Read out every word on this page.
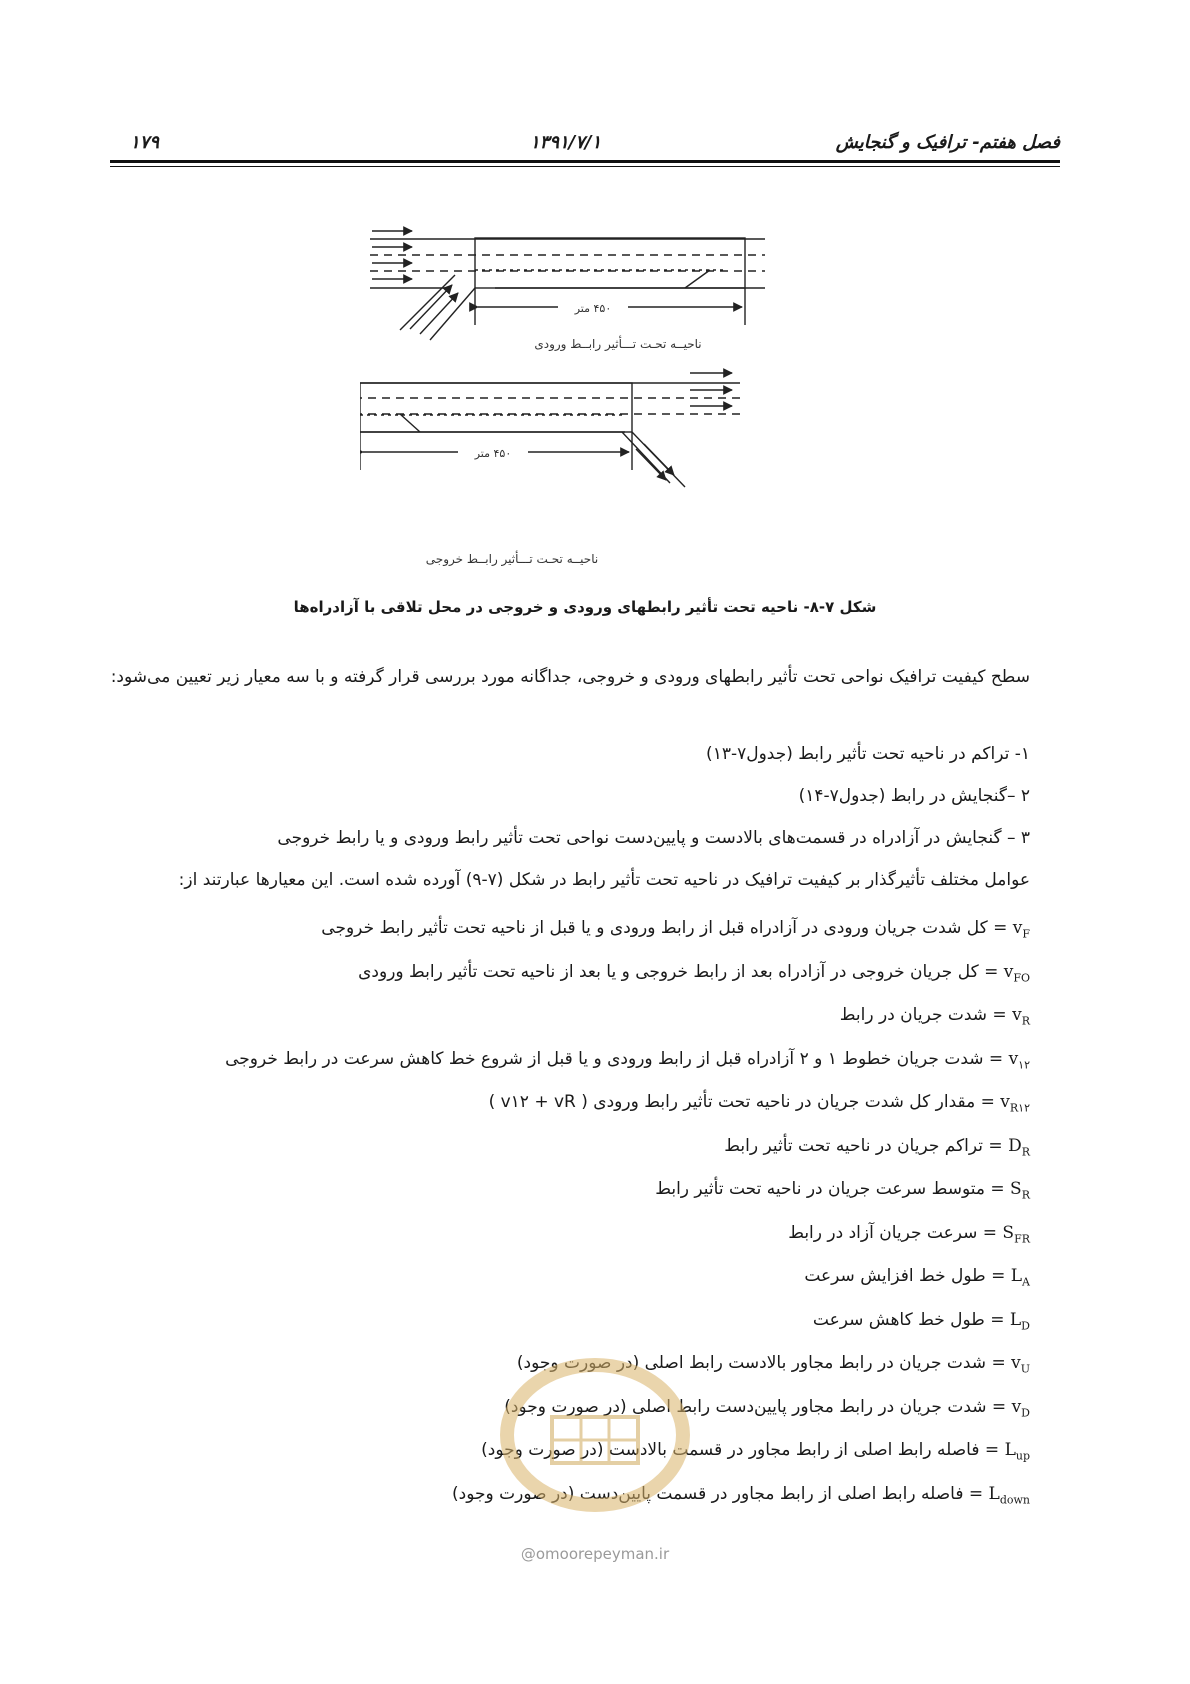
فصل هفتم- ترافیک و گنجایش
۱۳۹۱/۷/۱
۱۷۹
۴۵۰ متر
ناحیــه تحـت تـــأثیر رابــط ورودی
۴۵۰ متر
ناحیــه تحـت تـــأثیر رابــط خروجی
شکل ۷-۸- ناحیه تحت تأثیر رابطهای ورودی و خروجی در محل تلاقی با آزادراه‌ها
سطح کیفیت ترافیک نواحی تحت تأثیر رابطهای ورودی و خروجی، جداگانه مورد بررسی قرار گرفته و با سه معیار زیر تعیین می‌شود:
۱- تراکم در ناحیه تحت تأثیر رابط (جدول۷-۱۳)
۲ –گنجایش در رابط (جدول۷-۱۴)
۳ – گنجایش در آزادراه در قسمت‌های بالادست و پایین‌دست نواحی تحت تأثیر رابط ورودی و یا رابط خروجی
عوامل مختلف تأثیرگذار بر کیفیت ترافیک در ناحیه تحت تأثیر رابط در شکل (۷-۹) آورده شده است. این معیارها عبارتند از:
$v_F$ = کل شدت جریان ورودی در آزادراه قبل از رابط ورودی و یا قبل از ناحیه تحت تأثیر رابط خروجی
$v_{FO}$ = کل جریان خروجی در آزادراه بعد از رابط خروجی و یا بعد از ناحیه تحت تأثیر رابط ورودی
$v_R$ = شدت جریان در رابط
$v_{۱۲}$ = شدت جریان خطوط ۱ و ۲ آزادراه قبل از رابط ورودی و یا قبل از شروع خط کاهش سرعت در رابط خروجی
$v_{R۱۲}$ = مقدار کل شدت جریان در ناحیه تحت تأثیر رابط ورودی ( v۱۲ + vR )
$D_R$ = تراکم جریان در ناحیه تحت تأثیر رابط
$S_R$ = متوسط سرعت جریان در ناحیه تحت تأثیر رابط
$S_{FR}$ = سرعت جریان آزاد در رابط
$L_A$ = طول خط افزایش سرعت
$L_D$ = طول خط کاهش سرعت
$v_U$ = شدت جریان در رابط مجاور بالادست رابط اصلی (در صورت وجود)
$v_D$ = شدت جریان در رابط مجاور پایین‌دست رابط اصلی (در صورت وجود)
$L_{up}$ = فاصله رابط اصلی از رابط مجاور در قسمت بالادست (در صورت وجود)
$L_{down}$ = فاصله رابط اصلی از رابط مجاور در قسمت پایین‌دست (در صورت وجود)
@omoorepeyman.ir
